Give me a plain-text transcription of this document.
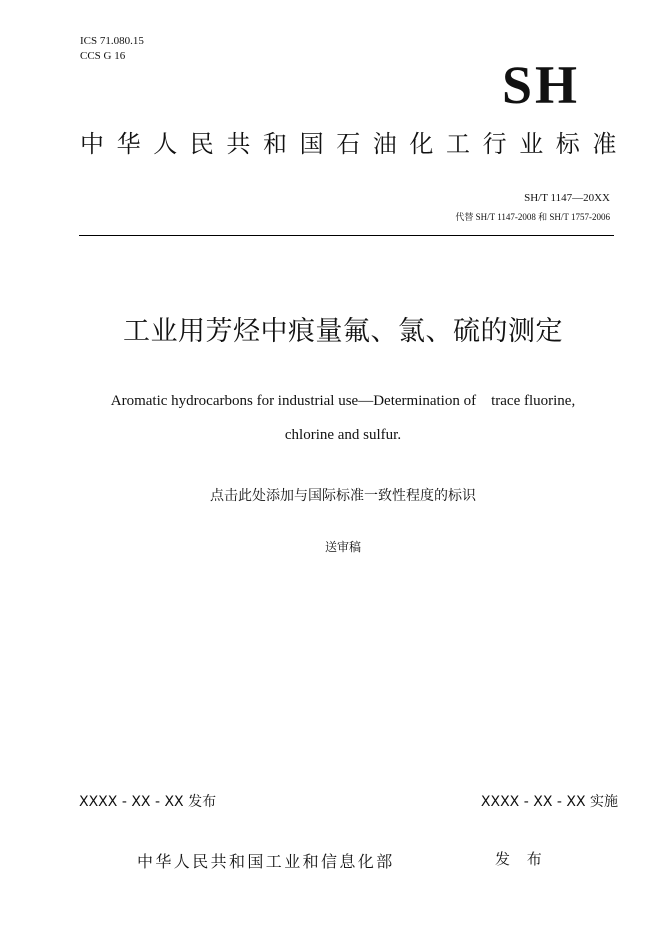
ICS 71.080.15
CCS G 16	SH
中华人民共和国石油化工行业标准
SH/T 1147—20XX
代替 SH/T 1147-2008 和 SH/T 1757-2006
工业用芳烃中痕量氟、氯、硫的测定
Aromatic hydrocarbons for industrial use—Determination of    trace fluorine,
chlorine and sulfur.
点击此处添加与国际标准一致性程度的标识
送审稿
XXXX - XX - XX 发布	XXXX - XX - XX 实施
中华人民共和国工业和信息化部	发 布
